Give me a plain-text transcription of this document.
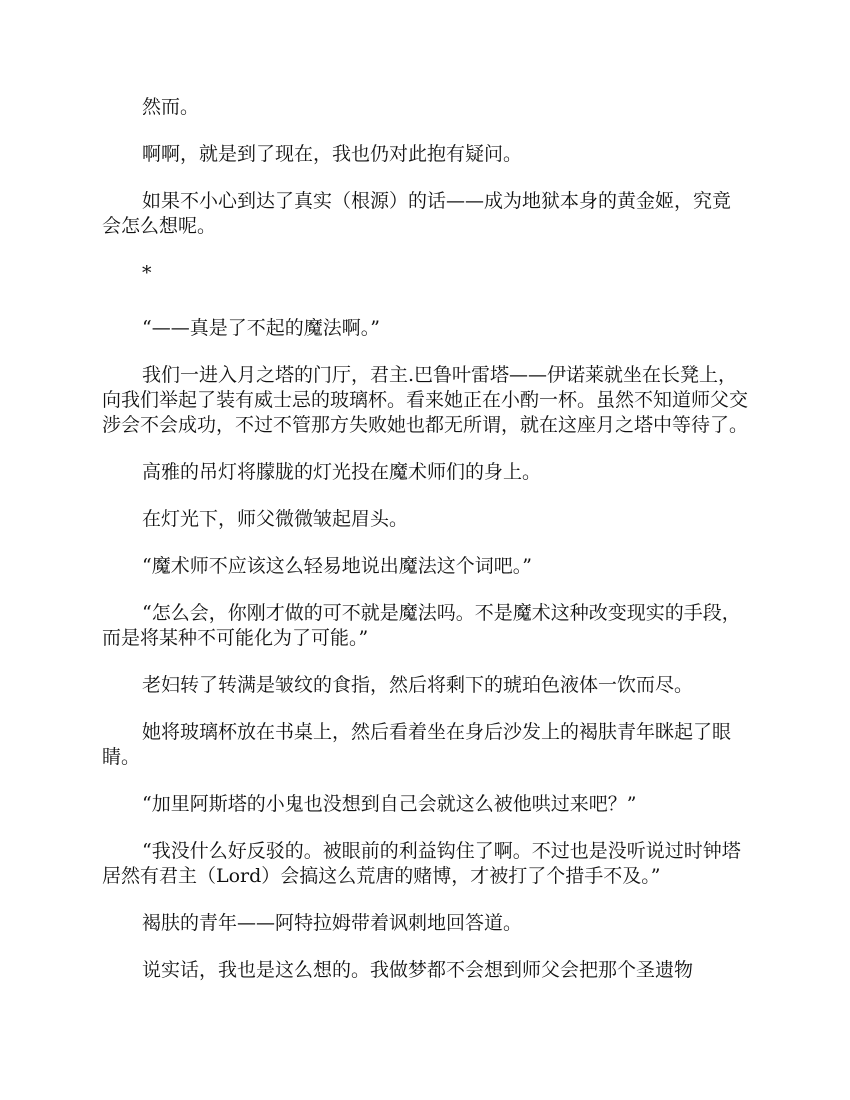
然而。

啊啊，就是到了现在，我也仍对此抱有疑问。

如果不小心到达了真实（根源）的话——成为地狱本身的黄金姬，究竟会怎么想呢。

*

“——真是了不起的魔法啊。”

我们一进入月之塔的门厅，君主.巴鲁叶雷塔——伊诺莱就坐在长凳上，向我们举起了装有威士忌的玻璃杯。看来她正在小酌一杯。虽然不知道师父交涉会不会成功，不过不管那方失败她也都无所谓，就在这座月之塔中等待了。

高雅的吊灯将朦胧的灯光投在魔术师们的身上。

在灯光下，师父微微皱起眉头。

“魔术师不应该这么轻易地说出魔法这个词吧。”

“怎么会，你刚才做的可不就是魔法吗。不是魔术这种改变现实的手段，而是将某种不可能化为了可能。”

老妇转了转满是皱纹的食指，然后将剩下的琥珀色液体一饮而尽。

她将玻璃杯放在书桌上，然后看着坐在身后沙发上的褐肤青年眯起了眼睛。

“加里阿斯塔的小鬼也没想到自己会就这么被他哄过来吧？”

“我没什么好反驳的。被眼前的利益钩住了啊。不过也是没听说过时钟塔居然有君主（Lord）会搞这么荒唐的赌博，才被打了个措手不及。”

褐肤的青年——阿特拉姆带着讽刺地回答道。

说实话，我也是这么想的。我做梦都不会想到师父会把那个圣遗物
